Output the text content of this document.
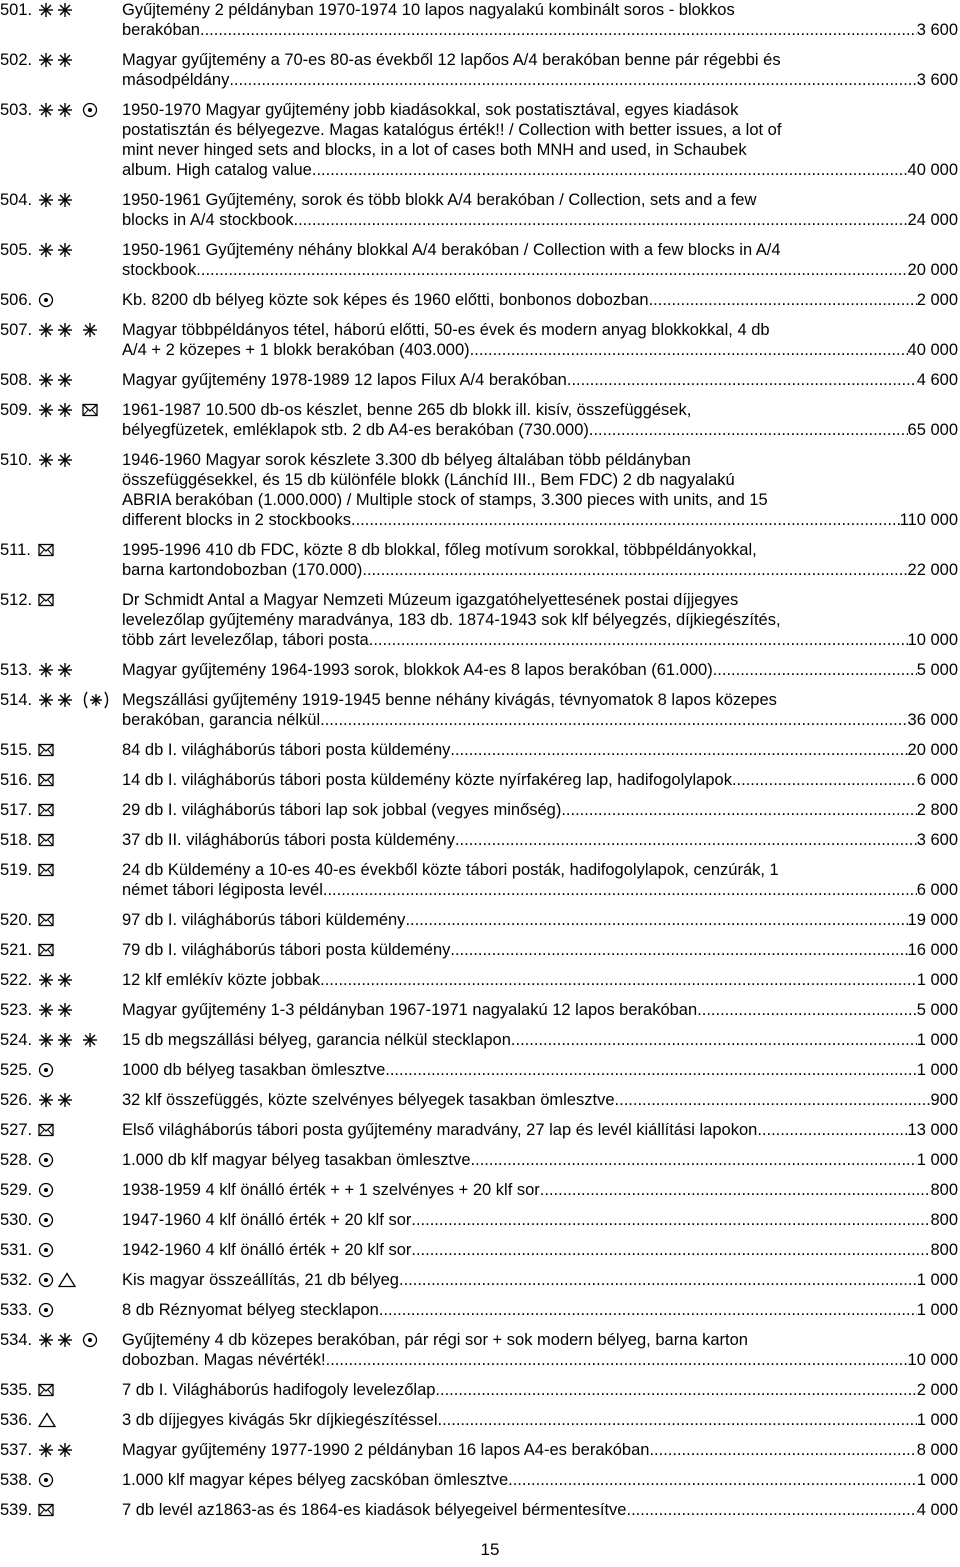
501.	Gyűjtemény 2 példányban 1970-1974 10 lapos nagyalakú kombinált soros - blokkos
berakóban .....	3 600
502.	Magyar gyűjtemény a 70-es 80-as évekből 12 lapőos A/4 berakóban benne pár régebbi és
másodpéldány .....	3 600
503.	1950-1970 Magyar gyűjtemény jobb kiadásokkal, sok postatisztával, egyes kiadások
postatisztán és bélyegezve. Magas katalógus érték!! / Collection with better issues, a lot of
mint never hinged sets and blocks, in a lot of cases both MNH and used, in Schaubek
album. High catalog value. .....	40 000
504.	1950-1961 Gyűjtemény, sorok és több blokk A/4 berakóban / Collection, sets and a few
blocks in A/4 stockbook .....	24 000
505.	1950-1961 Gyűjtemény néhány blokkal A/4 berakóban / Collection with a few blocks in A/4
stockbook .....	20 000
506.	Kb. 8200 db bélyeg közte sok képes és 1960 előtti, bonbonos dobozban .....	2 000
507.	Magyar többpéldányos tétel, háború előtti, 50-es évek és modern anyag blokkokkal, 4 db
A/4 + 2 közepes + 1 blokk berakóban (403.000) .....	40 000
508.	Magyar gyűjtemény 1978-1989 12 lapos Filux A/4 berakóban .....	4 600
509.	1961-1987 10.500 db-os készlet, benne 265 db blokk ill. kisív, összefüggések,
bélyegfüzetek, emléklapok stb. 2 db A4-es berakóban (730.000) .....	65 000
510.	1946-1960 Magyar sorok készlete 3.300 db bélyeg általában több példányban
összefüggésekkel, és 15 db különféle blokk (Lánchíd III., Bem FDC) 2 db nagyalakú
ABRIA berakóban (1.000.000) / Multiple stock of stamps, 3.300 pieces with units, and 15
different blocks in 2 stockbooks .....	110 000
511.	1995-1996 410 db FDC, közte 8 db blokkal, főleg motívum sorokkal, többpéldányokkal,
barna kartondobozban (170.000) .....	22 000
512.	Dr Schmidt Antal a Magyar Nemzeti Múzeum igazgatóhelyettesének postai díjjegyes
levelezőlap gyűjtemény maradványa, 183 db. 1874-1943 sok klf bélyegzés, díjkiegészítés,
több zárt levelezőlap, tábori posta .....	10 000
513.	Magyar gyűjtemény 1964-1993 sorok, blokkok A4-es 8 lapos berakóban (61.000) .....	5 000
514.	Megszállási gyűjtemény 1919-1945 benne néhány kivágás, tévnyomatok 8 lapos közepes
berakóban, garancia nélkül .....	36 000
515.	84 db I. világháborús tábori posta küldemény .....	20 000
516.	14 db I. világháborús tábori posta küldemény közte nyírfakéreg lap, hadifogolylapok .....	6 000
517.	29 db I. világháborús tábori lap sok jobbal (vegyes minőség) .....	2 800
518.	37 db II. világháborús tábori posta küldemény .....	3 600
519.	24 db Küldemény a 10-es 40-es évekből közte tábori posták, hadifogolylapok, cenzúrák, 1
német tábori légiposta levél .....	6 000
520.	97 db I. világháborús tábori küldemény .....	19 000
521.	79 db I. világháborús tábori posta küldemény .....	16 000
522.	12 klf emlékív közte jobbak .....	1 000
523.	Magyar gyűjtemény 1-3 példányban 1967-1971 nagyalakú 12 lapos berakóban .....	5 000
524.	15 db megszállási bélyeg, garancia nélkül stecklapon .....	1 000
525.	1000 db bélyeg tasakban ömlesztve .....	1 000
526.	32 klf összefüggés, közte szelvényes bélyegek tasakban ömlesztve .....	900
527.	Első világháborús tábori posta gyűjtemény maradvány, 27 lap és levél kiállítási lapokon .....	13 000
528.	1.000 db klf magyar bélyeg tasakban ömlesztve .....	1 000
529.	1938-1959 4 klf önálló érték + + 1 szelvényes + 20 klf sor .....	800
530.	1947-1960 4 klf önálló érték + 20 klf sor .....	800
531.	1942-1960 4 klf önálló érték + 20 klf sor .....	800
532.	Kis magyar összeállítás, 21 db bélyeg .....	1 000
533.	8 db Réznyomat bélyeg stecklapon .....	1 000
534.	Gyűjtemény 4 db közepes berakóban, pár régi sor + sok modern bélyeg, barna karton
dobozban. Magas névérték! .....	10 000
535.	7 db I. Világháborús hadifogoly levelezőlap .....	2 000
536.	3 db díjjegyes kivágás 5kr díjkiegészítéssel .....	1 000
537.	Magyar gyűjtemény 1977-1990 2 példányban 16 lapos A4-es berakóban .....	8 000
538.	1.000 klf magyar képes bélyeg zacskóban ömlesztve .....	1 000
539.	7 db levél az1863-as és 1864-es kiadások bélyegeivel bérmentesítve .....	4 000
15
